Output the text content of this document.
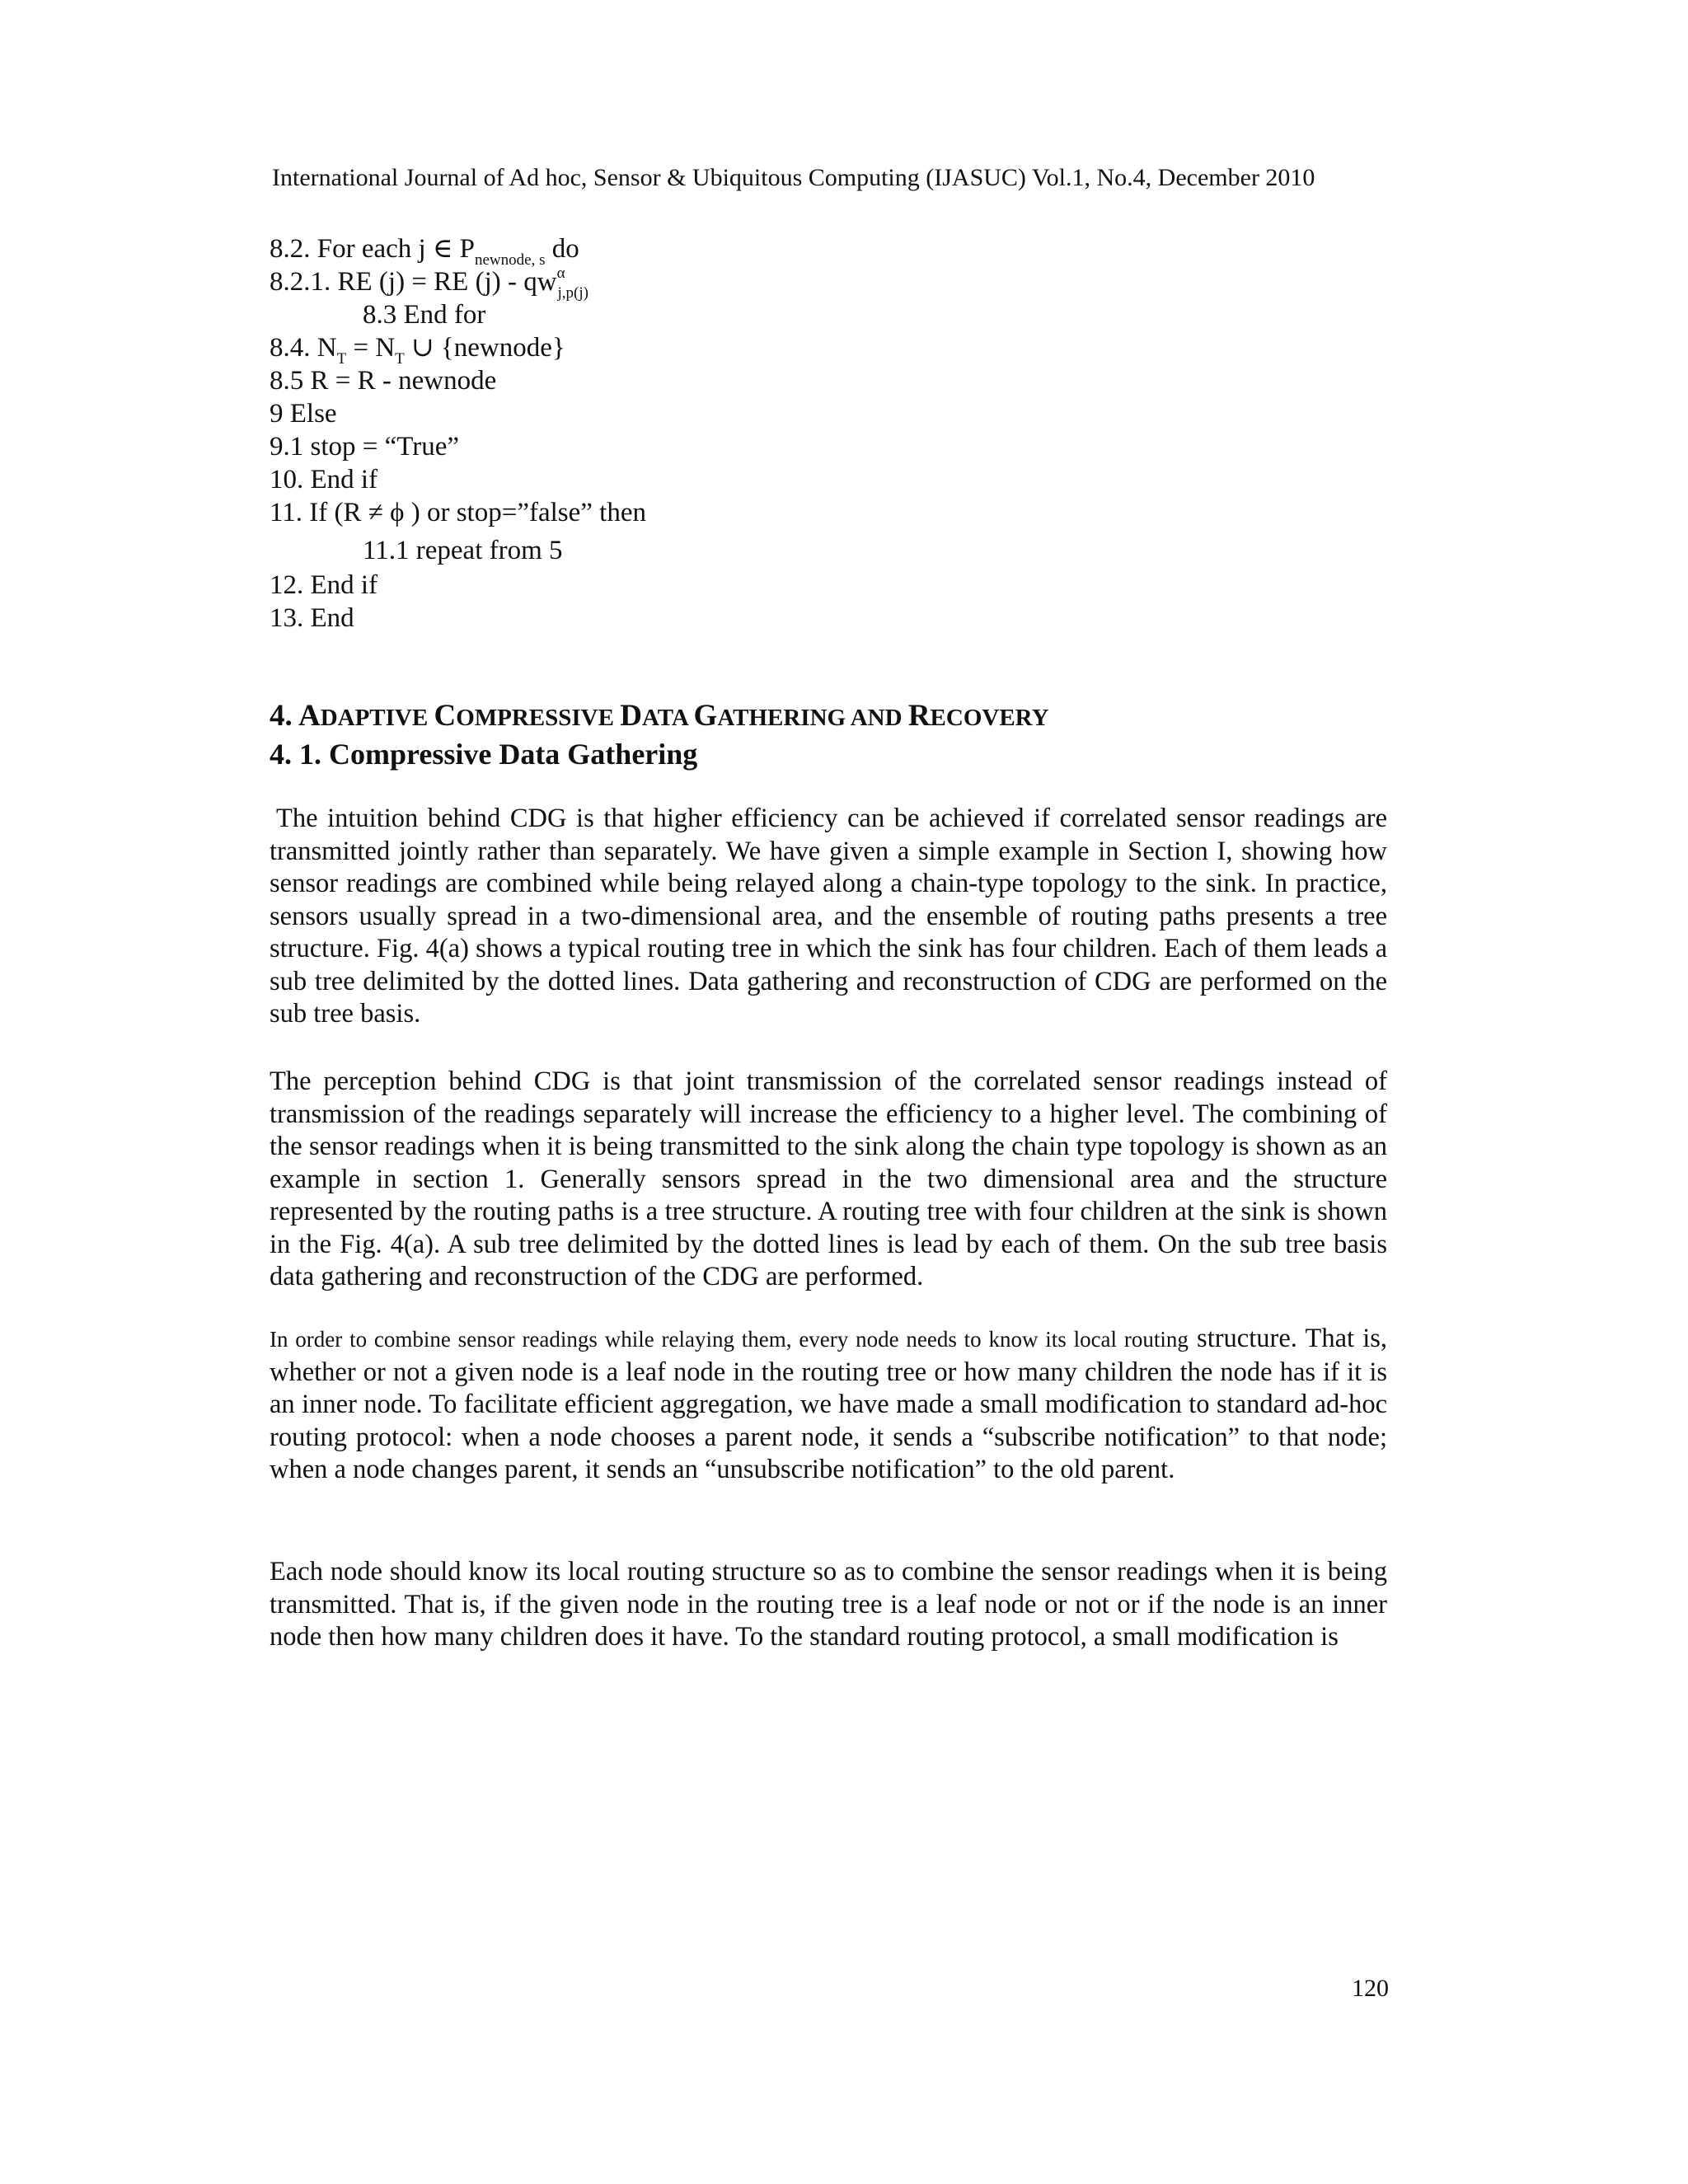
International Journal of Ad hoc, Sensor & Ubiquitous Computing (IJASUC) Vol.1, No.4, December 2010
8.2. For each j ∈ $P_{newnode, s}$ do
8.2.1. RE (j) = RE $(j) - qw^\alpha_{j,p(j)}$
8.3 End for
8.4. $N_T = N_T$ ∪ {newnode}
8.5 R = R - newnode
9 Else
9.1 stop = “True”
10. End if
11. If (R ≠ ϕ ) or stop=”false” then
11.1 repeat from 5
12. End if
13. End
4. ADAPTIVE COMPRESSIVE DATA GATHERING AND RECOVERY
4. 1. Compressive Data Gathering

The intuition behind CDG is that higher efficiency can be achieved if correlated sensor readings are transmitted jointly rather than separately. We have given a simple example in Section I, showing how sensor readings are combined while being relayed along a chain-type topology to the sink. In practice, sensors usually spread in a two-dimensional area, and the ensemble of routing paths presents a tree structure. Fig. 4(a) shows a typical routing tree in which the sink has four children. Each of them leads a sub tree delimited by the dotted lines. Data gathering and reconstruction of CDG are performed on the sub tree basis.

The perception behind CDG is that joint transmission of the correlated sensor readings instead of transmission of the readings separately will increase the efficiency to a higher level. The combining of the sensor readings when it is being transmitted to the sink along the chain type topology is shown as an example in section 1. Generally sensors spread in the two dimensional area and the structure represented by the routing paths is a tree structure. A routing tree with four children at the sink is shown in the Fig. 4(a). A sub tree delimited by the dotted lines is lead by each of them. On the sub tree basis data gathering and reconstruction of the CDG are performed.

In order to combine sensor readings while relaying them, every node needs to know its local routing structure. That is, whether or not a given node is a leaf node in the routing tree or how many children the node has if it is an inner node. To facilitate efficient aggregation, we have made a small modification to standard ad-hoc routing protocol: when a node chooses a parent node, it sends a “subscribe notification” to that node; when a node changes parent, it sends an “unsubscribe notification” to the old parent.

Each node should know its local routing structure so as to combine the sensor readings when it is being transmitted. That is, if the given node in the routing tree is a leaf node or not or if the node is an inner node then how many children does it have. To the standard routing protocol, a small modification is

120
